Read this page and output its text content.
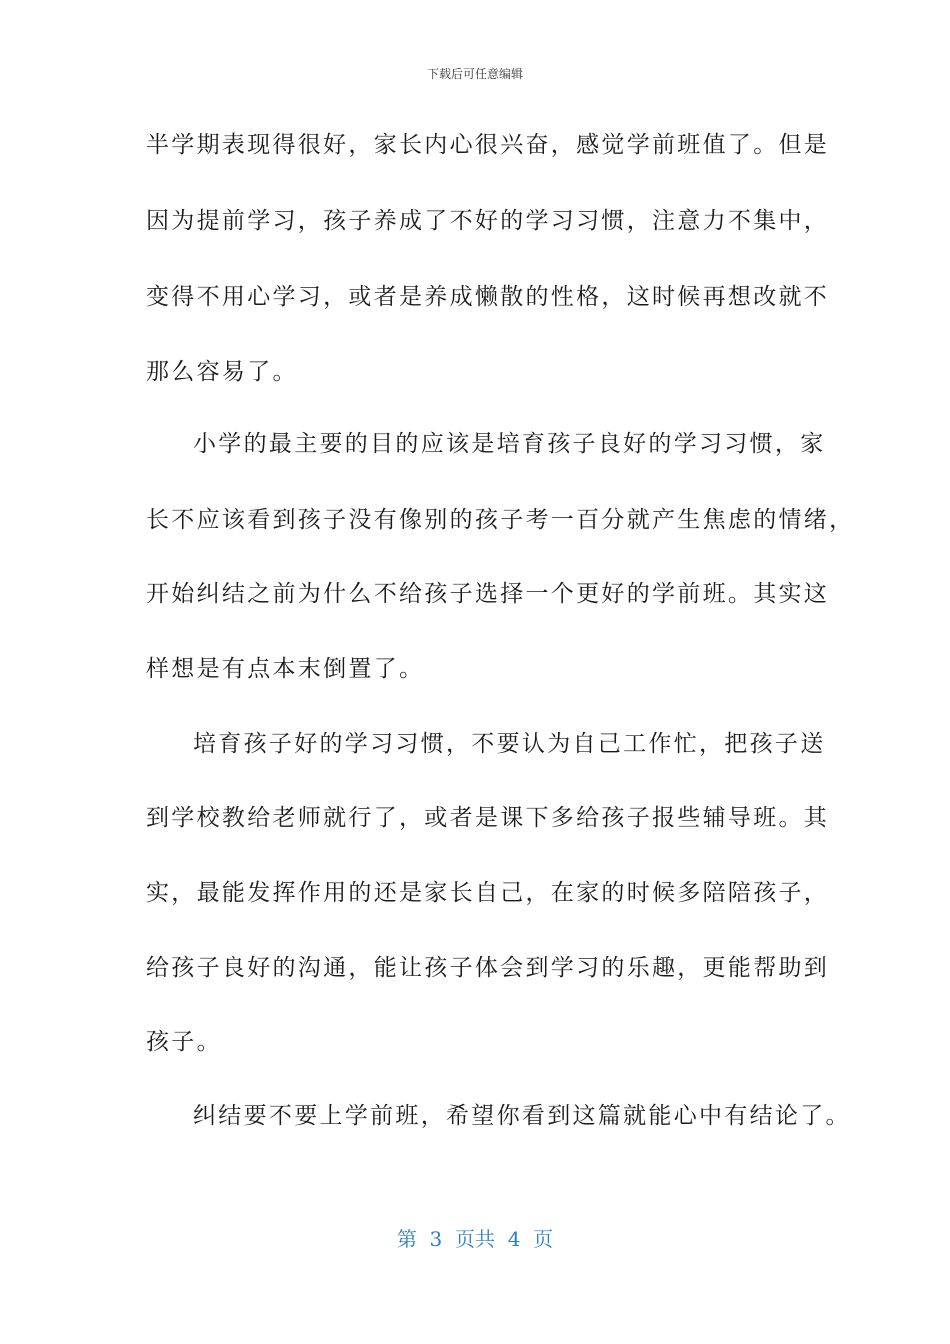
下载后可任意编辑
半学期表现得很好，家长内心很兴奋，感觉学前班值了。但是
因为提前学习，孩子养成了不好的学习习惯，注意力不集中，
变得不用心学习，或者是养成懒散的性格，这时候再想改就不
那么容易了。
小学的最主要的目的应该是培育孩子良好的学习习惯，家
长不应该看到孩子没有像别的孩子考一百分就产生焦虑的情绪，
开始纠结之前为什么不给孩子选择一个更好的学前班。其实这
样想是有点本末倒置了。
培育孩子好的学习习惯，不要认为自己工作忙，把孩子送
到学校教给老师就行了，或者是课下多给孩子报些辅导班。其
实，最能发挥作用的还是家长自己，在家的时候多陪陪孩子，
给孩子良好的沟通，能让孩子体会到学习的乐趣，更能帮助到
孩子。
纠结要不要上学前班，希望你看到这篇就能心中有结论了。
第  3  页共  4  页
